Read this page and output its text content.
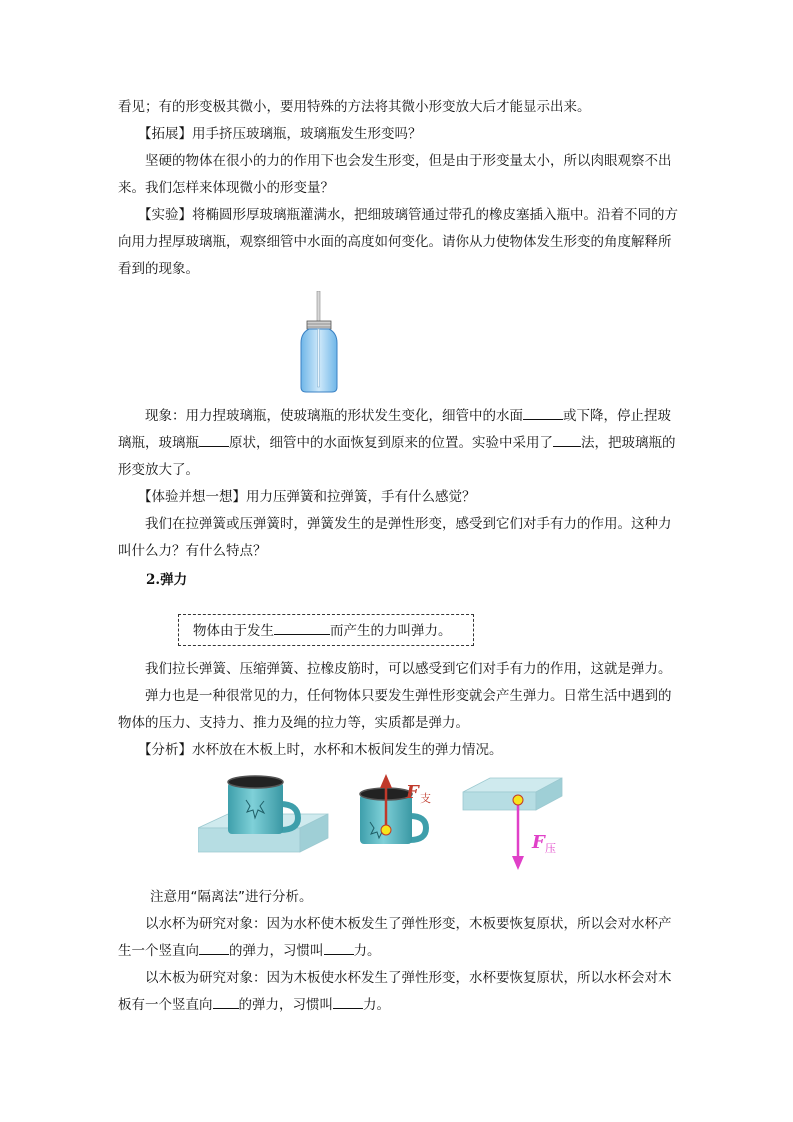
看见；有的形变极其微小，要用特殊的方法将其微小形变放大后才能显示出来。

【拓展】用手挤压玻璃瓶，玻璃瓶发生形变吗？

坚硬的物体在很小的力的作用下也会发生形变，但是由于形变量太小，所以肉眼观察不出来。我们怎样来体现微小的形变量？

【实验】将椭圆形厚玻璃瓶灌满水，把细玻璃管通过带孔的橡皮塞插入瓶中。沿着不同的方向用力捏厚玻璃瓶，观察细管中水面的高度如何变化。请你从力使物体发生形变的角度解释所看到的现象。

现象：用力捏玻璃瓶，使玻璃瓶的形状发生变化，细管中的水面	或下降，停止捏玻璃瓶，玻璃瓶 原状，细管中的水面恢复到原来的位置。实验中采用了 法，把玻璃瓶的形变放大了。

【体验并想一想】用力压弹簧和拉弹簧，手有什么感觉？

我们在拉弹簧或压弹簧时，弹簧发生的是弹性形变，感受到它们对手有力的作用。这种力叫什么力？有什么特点？

2.弹力

物体由于发生	而产生的力叫弹力。

我们拉长弹簧、压缩弹簧、拉橡皮筋时，可以感受到它们对手有力的作用，这就是弹力。

弹力也是一种很常见的力，任何物体只要发生弹性形变就会产生弹力。日常生活中遇到的物体的压力、支持力、推力及绳的拉力等，实质都是弹力。

【分析】水杯放在木板上时，水杯和木板间发生的弹力情况。

F 支
F 压

注意用“隔离法”进行分析。

以水杯为研究对象：因为水杯使木板发生了弹性形变，木板要恢复原状，所以会对水杯产生一个竖直向 的弹力，习惯叫 力。

以木板为研究对象：因为木板使水杯发生了弹性形变，水杯要恢复原状，所以水杯会对木板有一个竖直向 的弹力，习惯叫 力。
